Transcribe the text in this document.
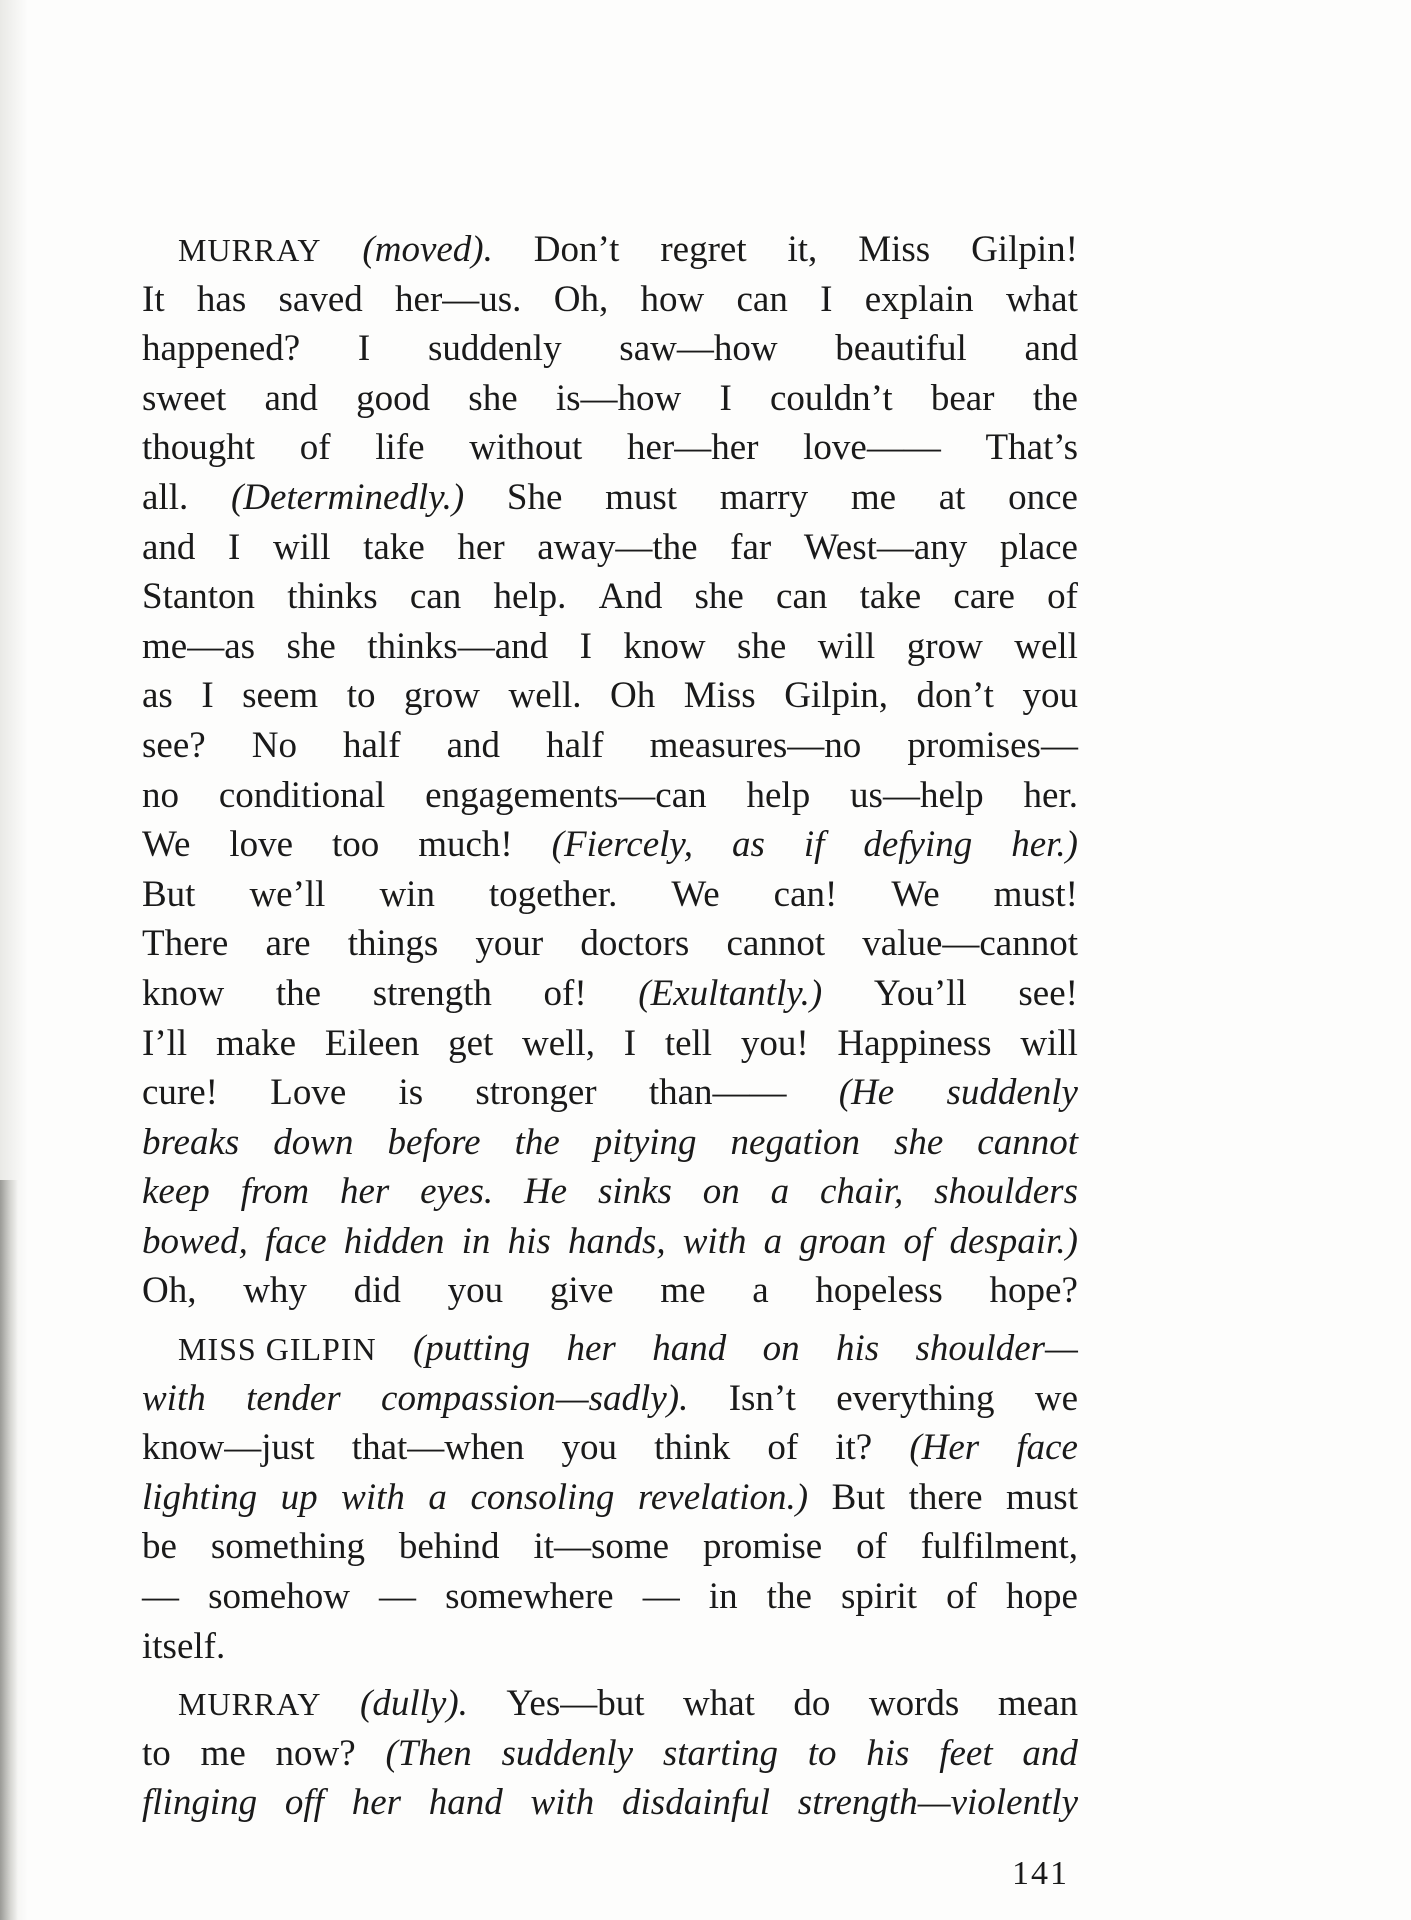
MURRAY (moved). Don’t regret it, Miss Gilpin!
It has saved her—us. Oh, how can I explain what
happened? I suddenly saw—how beautiful and
sweet and good she is—how I couldn’t bear the
thought of life without her—her love—— That’s
all. (Determinedly.) She must marry me at once
and I will take her away—the far West—any place
Stanton thinks can help. And she can take care of
me—as she thinks—and I know she will grow well
as I seem to grow well. Oh Miss Gilpin, don’t you
see? No half and half measures—no promises—
no conditional engagements—can help us—help her.
We love too much! (Fiercely, as if defying her.)
But we’ll win together. We can! We must!
There are things your doctors cannot value—cannot
know the strength of! (Exultantly.) You’ll see!
I’ll make Eileen get well, I tell you! Happiness will
cure! Love is stronger than—— (He suddenly
breaks down before the pitying negation she cannot
keep from her eyes. He sinks on a chair, shoulders
bowed, face hidden in his hands, with a groan of despair.)
Oh, why did you give me a hopeless hope?
MISS GILPIN (putting her hand on his shoulder—
with tender compassion—sadly). Isn’t everything we
know—just that—when you think of it? (Her face
lighting up with a consoling revelation.) But there must
be something behind it—some promise of fulfilment,
— somehow — somewhere — in the spirit of hope
itself.
MURRAY (dully). Yes—but what do words mean
to me now? (Then suddenly starting to his feet and
flinging off her hand with disdainful strength—violently
141
